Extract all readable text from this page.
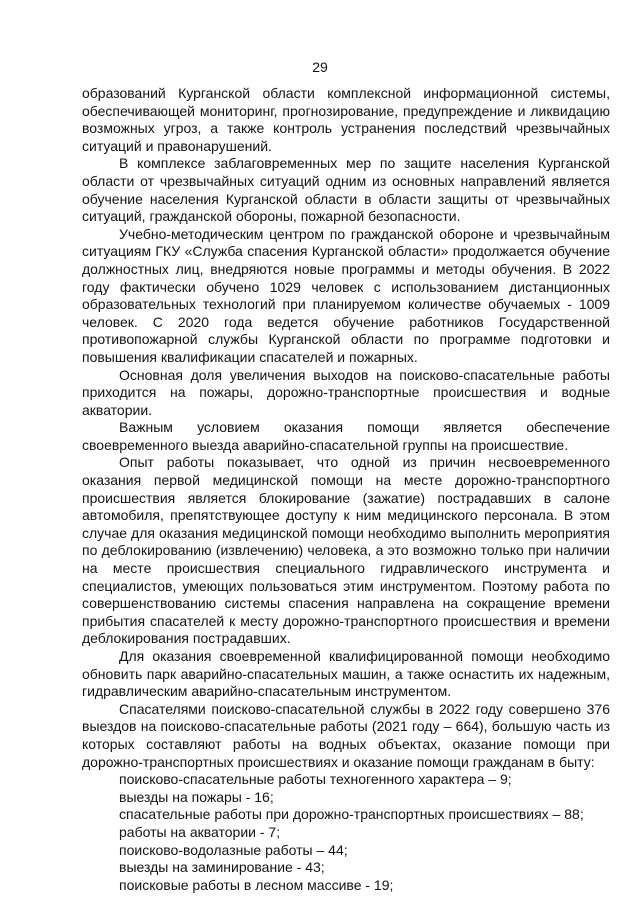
29

образований Курганской области комплексной информационной системы, обеспечивающей мониторинг, прогнозирование, предупреждение и ликвидацию возможных угроз, а также контроль устранения последствий чрезвычайных ситуаций и правонарушений.

В комплексе заблаговременных мер по защите населения Курганской области от чрезвычайных ситуаций одним из основных направлений является обучение населения Курганской области в области защиты от чрезвычайных ситуаций, гражданской обороны, пожарной безопасности.

Учебно-методическим центром по гражданской обороне и чрезвычайным ситуациям ГКУ «Служба спасения Курганской области» продолжается обучение должностных лиц, внедряются новые программы и методы обучения. В 2022 году фактически обучено 1029 человек с использованием дистанционных образовательных технологий при планируемом количестве обучаемых - 1009 человек. С 2020 года ведется обучение работников Государственной противопожарной службы Курганской области по программе подготовки и повышения квалификации спасателей и пожарных.

Основная доля увеличения выходов на поисково-спасательные работы приходится на пожары, дорожно-транспортные происшествия и водные акватории.

Важным условием оказания помощи является обеспечение своевременного выезда аварийно-спасательной группы на происшествие.

Опыт работы показывает, что одной из причин несвоевременного оказания первой медицинской помощи на месте дорожно-транспортного происшествия является блокирование (зажатие) пострадавших в салоне автомобиля, препятствующее доступу к ним медицинского персонала. В этом случае для оказания медицинской помощи необходимо выполнить мероприятия по деблокированию (извлечению) человека, а это возможно только при наличии на месте происшествия специального гидравлического инструмента и специалистов, умеющих пользоваться этим инструментом. Поэтому работа по совершенствованию системы спасения направлена на сокращение времени прибытия спасателей к месту дорожно-транспортного происшествия и времени деблокирования пострадавших.

Для оказания своевременной квалифицированной помощи необходимо обновить парк аварийно-спасательных машин, а также оснастить их надежным, гидравлическим аварийно-спасательным инструментом.

Спасателями поисково-спасательной службы в 2022 году совершено 376 выездов на поисково-спасательные работы (2021 году – 664), большую часть из которых составляют работы на водных объектах, оказание помощи при дорожно-транспортных происшествиях и оказание помощи гражданам в быту:

поисково-спасательные работы техногенного характера – 9;
выезды на пожары - 16;
спасательные работы при дорожно-транспортных происшествиях – 88;
работы на акватории - 7;
поисково-водолазные работы – 44;
выезды на заминирование - 43;
поисковые работы в лесном массиве - 19;
